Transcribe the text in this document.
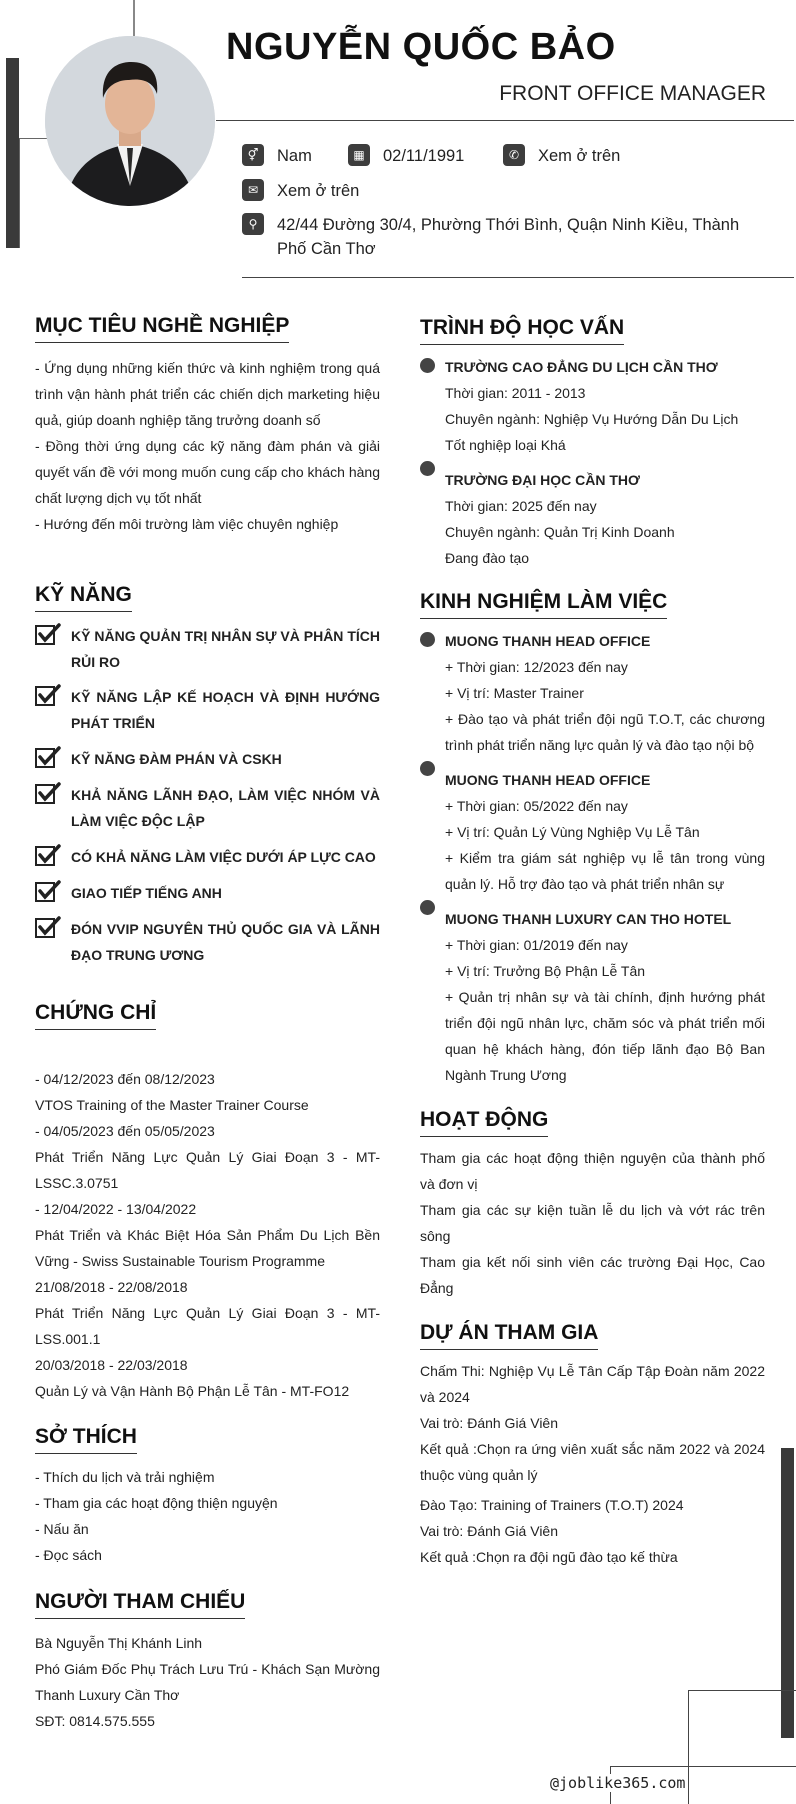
NGUYỄN QUỐC BẢO
FRONT OFFICE MANAGER
⚥	Nam	▦	02/11/1991	✆	Xem ở trên
✉	Xem ở trên
⚲	42/44 Đường 30/4, Phường Thới Bình, Quận Ninh Kiều, Thành Phố Cần Thơ
MỤC TIÊU NGHỀ NGHIỆP
- Ứng dụng những kiến thức và kinh nghiệm trong quá trình vận hành phát triển các chiến dịch marketing hiệu quả, giúp doanh nghiệp tăng trưởng doanh số
- Đồng thời ứng dụng các kỹ năng đàm phán và giải quyết vấn đề với mong muốn cung cấp cho khách hàng chất lượng dịch vụ tốt nhất
- Hướng đến môi trường làm việc chuyên nghiệp
KỸ NĂNG
KỸ NĂNG QUẢN TRỊ NHÂN SỰ VÀ PHÂN TÍCH RỦI RO
KỸ NĂNG LẬP KẾ HOẠCH VÀ ĐỊNH HƯỚNG PHÁT TRIỂN
KỸ NĂNG ĐÀM PHÁN VÀ CSKH
KHẢ NĂNG LÃNH ĐẠO, LÀM VIỆC NHÓM VÀ LÀM VIỆC ĐỘC LẬP
CÓ KHẢ NĂNG LÀM VIỆC DƯỚI ÁP LỰC CAO
GIAO TIẾP TIẾNG ANH
ĐÓN VVIP NGUYÊN THỦ QUỐC GIA VÀ LÃNH ĐẠO TRUNG ƯƠNG
CHỨNG CHỈ
- 04/12/2023 đến 08/12/2023
VTOS Training of the Master Trainer Course
- 04/05/2023 đến 05/05/2023
Phát Triển Năng Lực Quản Lý Giai Đoạn 3 - MT-LSSC.3.0751
- 12/04/2022 - 13/04/2022
Phát Triển và Khác Biệt Hóa Sản Phẩm Du Lịch Bền Vững - Swiss Sustainable Tourism Programme
21/08/2018 - 22/08/2018
Phát Triển Năng Lực Quản Lý Giai Đoạn 3 - MT-LSS.001.1
20/03/2018 - 22/03/2018
Quản Lý và Vận Hành Bộ Phận Lễ Tân - MT-FO12
SỞ THÍCH
- Thích du lịch và trải nghiệm
- Tham gia các hoạt động thiện nguyện
- Nấu ăn
- Đọc sách
NGƯỜI THAM CHIẾU
Bà Nguyễn Thị Khánh Linh
Phó Giám Đốc Phụ Trách Lưu Trú - Khách Sạn Mường Thanh Luxury Cần Thơ
SĐT: 0814.575.555
TRÌNH ĐỘ HỌC VẤN
TRƯỜNG CAO ĐẲNG DU LỊCH CẦN THƠ
Thời gian: 2011 - 2013
Chuyên ngành: Nghiệp Vụ Hướng Dẫn Du Lịch
Tốt nghiệp loại Khá
TRƯỜNG ĐẠI HỌC CẦN THƠ
Thời gian: 2025 đến nay
Chuyên ngành: Quản Trị Kinh Doanh
Đang đào tạo
KINH NGHIỆM LÀM VIỆC
MUONG THANH HEAD OFFICE
+ Thời gian: 12/2023 đến nay
+ Vị trí: Master Trainer
+ Đào tạo và phát triển đội ngũ T.O.T, các chương trình phát triển năng lực quản lý và đào tạo nội bộ
MUONG THANH HEAD OFFICE
+ Thời gian: 05/2022 đến nay
+ Vị trí: Quản Lý Vùng Nghiệp Vụ Lễ Tân
+ Kiểm tra giám sát nghiệp vụ lễ tân trong vùng quản lý. Hỗ trợ đào tạo và phát triển nhân sự
MUONG THANH LUXURY CAN THO HOTEL
+ Thời gian: 01/2019 đến nay
+ Vị trí: Trưởng Bộ Phận Lễ Tân
+ Quản trị nhân sự và tài chính, định hướng phát triển đội ngũ nhân lực, chăm sóc và phát triển mối quan hệ khách hàng, đón tiếp lãnh đạo Bộ Ban Ngành Trung Ương
HOẠT ĐỘNG
Tham gia các hoạt động thiện nguyện của thành phố và đơn vị
Tham gia các sự kiện tuần lễ du lịch và vớt rác trên sông
Tham gia kết nối sinh viên các trường Đại Học, Cao Đẳng
DỰ ÁN THAM GIA
Chấm Thi: Nghiệp Vụ Lễ Tân Cấp Tập Đoàn năm 2022 và 2024
Vai trò: Đánh Giá Viên
Kết quả :Chọn ra ứng viên xuất sắc năm 2022 và 2024 thuộc vùng quản lý
Đào Tạo: Training of Trainers (T.O.T) 2024
Vai trò: Đánh Giá Viên
Kết quả :Chọn ra đội ngũ đào tạo kế thừa
@joblike365.com
